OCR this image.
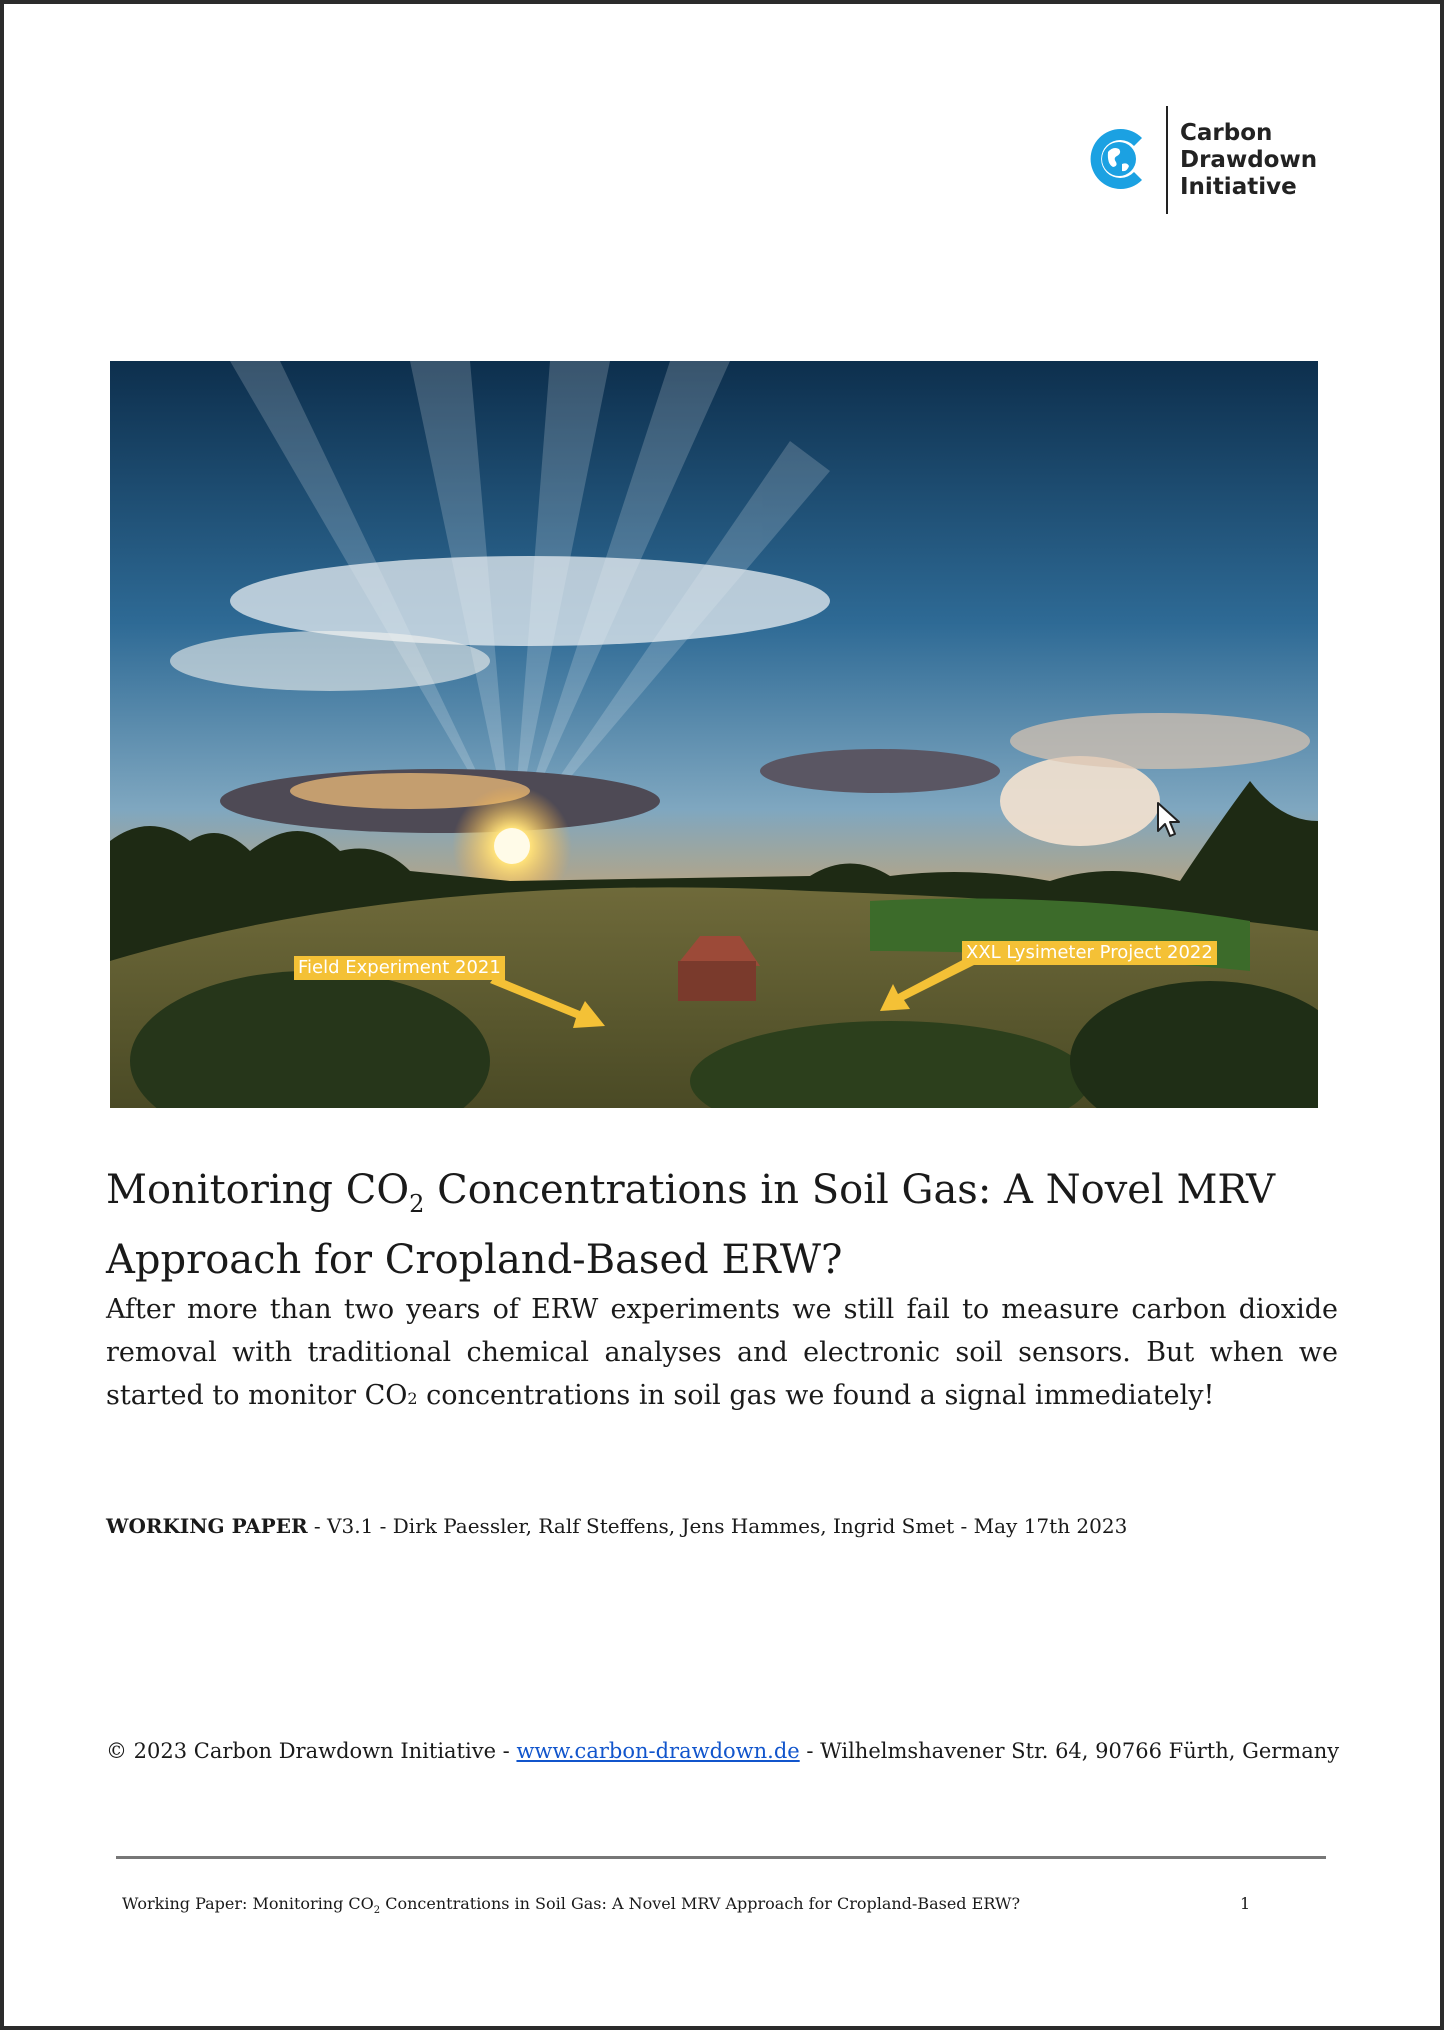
Carbon
Drawdown
Initiative
Field Experiment 2021
XXL Lysimeter Project 2022
Monitoring $CO_2$ Concentrations in Soil Gas: A Novel MRV Approach for Cropland-Based ERW?

After more than two years of ERW experiments we still fail to measure carbon dioxide removal with traditional chemical analyses and electronic soil sensors. But when we started to monitor CO2 concentrations in soil gas we found a signal immediately!

WORKING PAPER - V3.1 - Dirk Paessler, Ralf Steffens, Jens Hammes, Ingrid Smet - May 17th 2023
© 2023 Carbon Drawdown Initiative - www.carbon-drawdown.de - Wilhelmshavener Str. 64, 90766 Fürth, Germany
Working Paper: Monitoring $CO_2$ Concentrations in Soil Gas: A Novel MRV Approach for Cropland-Based ERW?	1
